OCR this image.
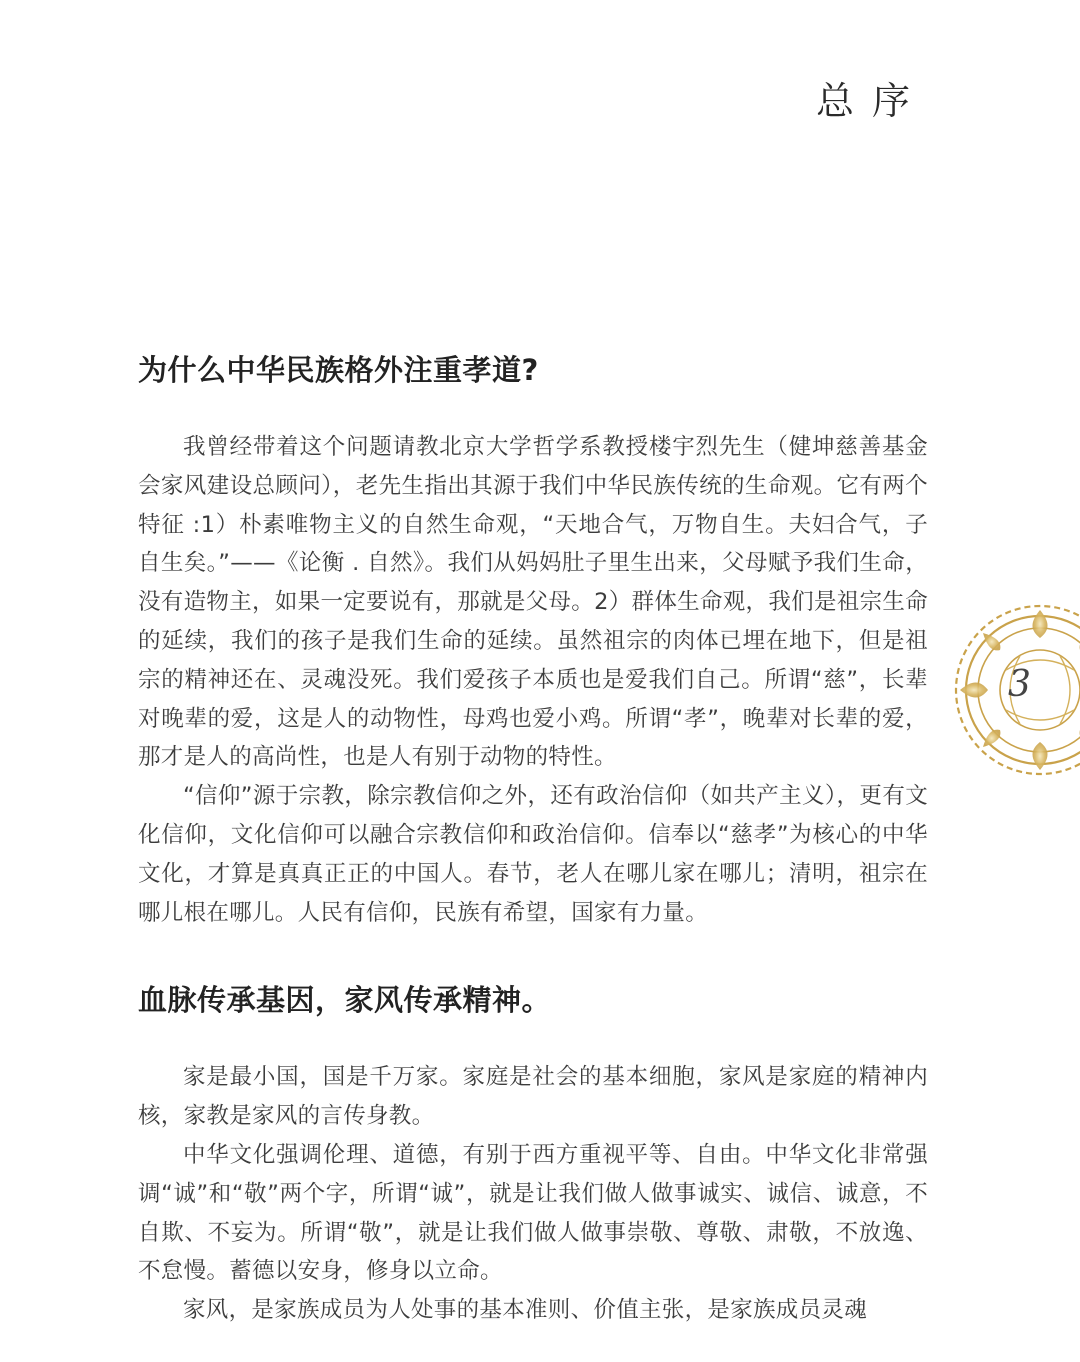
总序
为什么中华民族格外注重孝道?

我曾经带着这个问题请教北京大学哲学系教授楼宇烈先生（健坤慈善基金会家风建设总顾问），老先生指出其源于我们中华民族传统的生命观。它有两个特征 :1）朴素唯物主义的自然生命观，“天地合气，万物自生。夫妇合气，子自生矣。”——《论衡 . 自然》。我们从妈妈肚子里生出来，父母赋予我们生命，没有造物主，如果一定要说有，那就是父母。2）群体生命观，我们是祖宗生命的延续，我们的孩子是我们生命的延续。虽然祖宗的肉体已埋在地下，但是祖宗的精神还在、灵魂没死。我们爱孩子本质也是爱我们自己。所谓“慈”，长辈对晚辈的爱，这是人的动物性，母鸡也爱小鸡。所谓“孝”，晚辈对长辈的爱，那才是人的高尚性，也是人有别于动物的特性。

“信仰”源于宗教，除宗教信仰之外，还有政治信仰（如共产主义），更有文化信仰，文化信仰可以融合宗教信仰和政治信仰。信奉以“慈孝”为核心的中华文化，才算是真真正正的中国人。春节，老人在哪儿家在哪儿；清明，祖宗在哪儿根在哪儿。人民有信仰，民族有希望，国家有力量。

血脉传承基因，家风传承精神。

家是最小国，国是千万家。家庭是社会的基本细胞，家风是家庭的精神内核，家教是家风的言传身教。

中华文化强调伦理、道德，有别于西方重视平等、自由。中华文化非常强调“诚”和“敬”两个字，所谓“诚”，就是让我们做人做事诚实、诚信、诚意，不自欺、不妄为。所谓“敬”，就是让我们做人做事崇敬、尊敬、肃敬，不放逸、不怠慢。蓄德以安身，修身以立命。

家风，是家族成员为人处事的基本准则、价值主张，是家族成员灵魂

3
